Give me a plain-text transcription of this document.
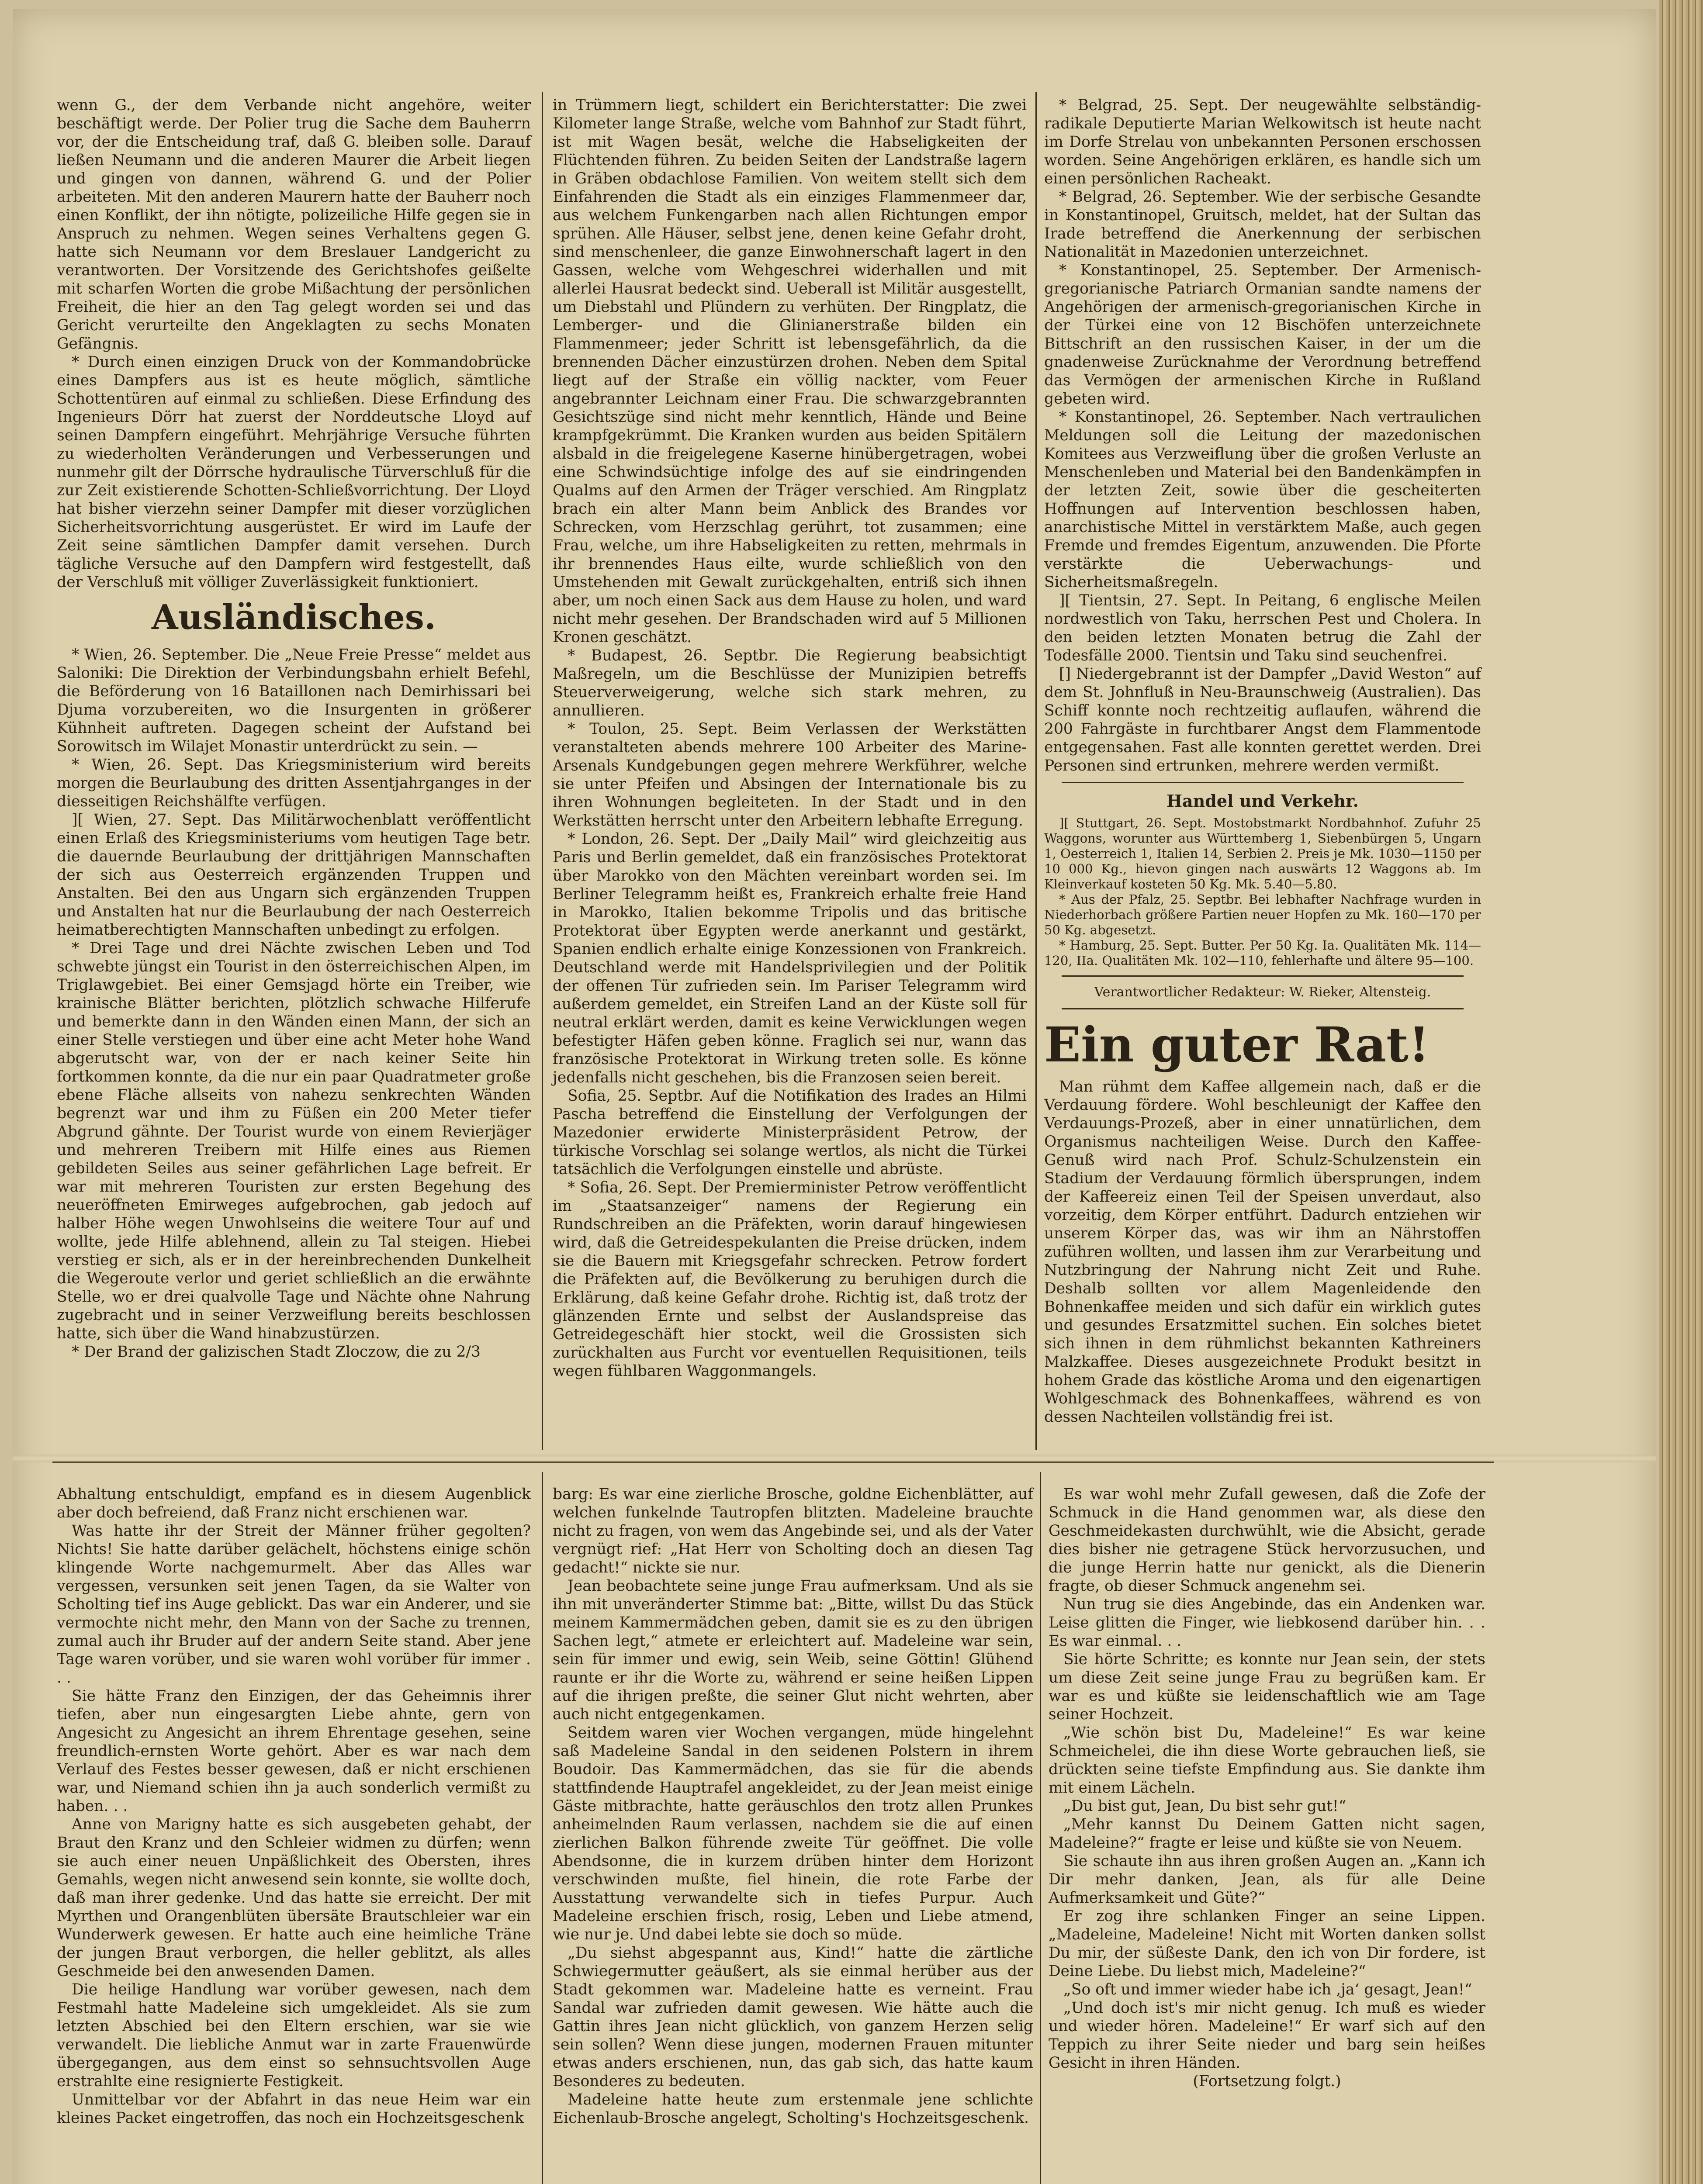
wenn G., der dem Verbande nicht angehöre, weiter beschäftigt werde. Der Polier trug die Sache dem Bauherrn vor, der die Entscheidung traf, daß G. bleiben solle. Darauf ließen Neumann und die anderen Maurer die Arbeit liegen und gingen von dannen, während G. und der Polier arbeiteten. Mit den anderen Maurern hatte der Bauherr noch einen Konflikt, der ihn nötigte, polizeiliche Hilfe gegen sie in Anspruch zu nehmen. Wegen seines Verhaltens gegen G. hatte sich Neumann vor dem Breslauer Landgericht zu verantworten. Der Vorsitzende des Gerichtshofes geißelte mit scharfen Worten die grobe Mißachtung der persönlichen Freiheit, die hier an den Tag gelegt worden sei und das Gericht verurteilte den Angeklagten zu sechs Monaten Gefängnis.

* Durch einen einzigen Druck von der Kommandobrücke eines Dampfers aus ist es heute möglich, sämtliche Schottentüren auf einmal zu schließen. Diese Erfindung des Ingenieurs Dörr hat zuerst der Norddeutsche Lloyd auf seinen Dampfern eingeführt. Mehrjährige Versuche führten zu wiederholten Veränderungen und Verbesserungen und nunmehr gilt der Dörrsche hydraulische Türverschluß für die zur Zeit existierende Schotten-Schließvorrichtung. Der Lloyd hat bisher vierzehn seiner Dampfer mit dieser vorzüglichen Sicherheitsvorrichtung ausgerüstet. Er wird im Laufe der Zeit seine sämtlichen Dampfer damit versehen. Durch tägliche Versuche auf den Dampfern wird festgestellt, daß der Verschluß mit völliger Zuverlässigkeit funktioniert.

Ausländisches.

* Wien, 26. September. Die „Neue Freie Presse“ meldet aus Saloniki: Die Direktion der Verbindungsbahn erhielt Befehl, die Beförderung von 16 Bataillonen nach Demirhissari bei Djuma vorzubereiten, wo die Insurgenten in größerer Kühnheit auftreten. Dagegen scheint der Aufstand bei Sorowitsch im Wilajet Monastir unterdrückt zu sein. —

* Wien, 26. Sept. Das Kriegsministerium wird bereits morgen die Beurlaubung des dritten Assentjahrganges in der diesseitigen Reichshälfte verfügen.

][ Wien, 27. Sept. Das Militärwochenblatt veröffentlicht einen Erlaß des Kriegsministeriums vom heutigen Tage betr. die dauernde Beurlaubung der drittjährigen Mannschaften der sich aus Oesterreich ergänzenden Truppen und Anstalten. Bei den aus Ungarn sich ergänzenden Truppen und Anstalten hat nur die Beurlaubung der nach Oesterreich heimatberechtigten Mannschaften unbedingt zu erfolgen.

* Drei Tage und drei Nächte zwischen Leben und Tod schwebte jüngst ein Tourist in den österreichischen Alpen, im Triglawgebiet. Bei einer Gemsjagd hörte ein Treiber, wie krainische Blätter berichten, plötzlich schwache Hilferufe und bemerkte dann in den Wänden einen Mann, der sich an einer Stelle verstiegen und über eine acht Meter hohe Wand abgerutscht war, von der er nach keiner Seite hin fortkommen konnte, da die nur ein paar Quadratmeter große ebene Fläche allseits von nahezu senkrechten Wänden begrenzt war und ihm zu Füßen ein 200 Meter tiefer Abgrund gähnte. Der Tourist wurde von einem Revierjäger und mehreren Treibern mit Hilfe eines aus Riemen gebildeten Seiles aus seiner gefährlichen Lage befreit. Er war mit mehreren Touristen zur ersten Begehung des neueröffneten Emirweges aufgebrochen, gab jedoch auf halber Höhe wegen Unwohlseins die weitere Tour auf und wollte, jede Hilfe ablehnend, allein zu Tal steigen. Hiebei verstieg er sich, als er in der hereinbrechenden Dunkelheit die Wegeroute verlor und geriet schließlich an die erwähnte Stelle, wo er drei qualvolle Tage und Nächte ohne Nahrung zugebracht und in seiner Verzweiflung bereits beschlossen hatte, sich über die Wand hinabzustürzen.

* Der Brand der galizischen Stadt Zloczow, die zu 2/3

in Trümmern liegt, schildert ein Berichterstatter: Die zwei Kilometer lange Straße, welche vom Bahnhof zur Stadt führt, ist mit Wagen besät, welche die Habseligkeiten der Flüchtenden führen. Zu beiden Seiten der Landstraße lagern in Gräben obdachlose Familien. Von weitem stellt sich dem Einfahrenden die Stadt als ein einziges Flammenmeer dar, aus welchem Funkengarben nach allen Richtungen empor sprühen. Alle Häuser, selbst jene, denen keine Gefahr droht, sind menschenleer, die ganze Einwohnerschaft lagert in den Gassen, welche vom Wehgeschrei widerhallen und mit allerlei Hausrat bedeckt sind. Ueberall ist Militär ausgestellt, um Diebstahl und Plündern zu verhüten. Der Ringplatz, die Lemberger- und die Glinianerstraße bilden ein Flammenmeer; jeder Schritt ist lebensgefährlich, da die brennenden Dächer einzustürzen drohen. Neben dem Spital liegt auf der Straße ein völlig nackter, vom Feuer angebrannter Leichnam einer Frau. Die schwarzgebrannten Gesichtszüge sind nicht mehr kenntlich, Hände und Beine krampfgekrümmt. Die Kranken wurden aus beiden Spitälern alsbald in die freigelegene Kaserne hinübergetragen, wobei eine Schwindsüchtige infolge des auf sie eindringenden Qualms auf den Armen der Träger verschied. Am Ringplatz brach ein alter Mann beim Anblick des Brandes vor Schrecken, vom Herzschlag gerührt, tot zusammen; eine Frau, welche, um ihre Habseligkeiten zu retten, mehrmals in ihr brennendes Haus eilte, wurde schließlich von den Umstehenden mit Gewalt zurückgehalten, entriß sich ihnen aber, um noch einen Sack aus dem Hause zu holen, und ward nicht mehr gesehen. Der Brandschaden wird auf 5 Millionen Kronen geschätzt.

* Budapest, 26. Septbr. Die Regierung beabsichtigt Maßregeln, um die Beschlüsse der Munizipien betreffs Steuerverweigerung, welche sich stark mehren, zu annullieren.

* Toulon, 25. Sept. Beim Verlassen der Werkstätten veranstalteten abends mehrere 100 Arbeiter des Marine-Arsenals Kundgebungen gegen mehrere Werkführer, welche sie unter Pfeifen und Absingen der Internationale bis zu ihren Wohnungen begleiteten. In der Stadt und in den Werkstätten herrscht unter den Arbeitern lebhafte Erregung.

* London, 26. Sept. Der „Daily Mail“ wird gleichzeitig aus Paris und Berlin gemeldet, daß ein französisches Protektorat über Marokko von den Mächten vereinbart worden sei. Im Berliner Telegramm heißt es, Frankreich erhalte freie Hand in Marokko, Italien bekomme Tripolis und das britische Protektorat über Egypten werde anerkannt und gestärkt, Spanien endlich erhalte einige Konzessionen von Frankreich. Deutschland werde mit Handelsprivilegien und der Politik der offenen Tür zufrieden sein. Im Pariser Telegramm wird außerdem gemeldet, ein Streifen Land an der Küste soll für neutral erklärt werden, damit es keine Verwicklungen wegen befestigter Häfen geben könne. Fraglich sei nur, wann das französische Protektorat in Wirkung treten solle. Es könne jedenfalls nicht geschehen, bis die Franzosen seien bereit.

Sofia, 25. Septbr. Auf die Notifikation des Irades an Hilmi Pascha betreffend die Einstellung der Verfolgungen der Mazedonier erwiderte Ministerpräsident Petrow, der türkische Vorschlag sei solange wertlos, als nicht die Türkei tatsächlich die Verfolgungen einstelle und abrüste.

* Sofia, 26. Sept. Der Premierminister Petrow veröffentlicht im „Staatsanzeiger“ namens der Regierung ein Rundschreiben an die Präfekten, worin darauf hingewiesen wird, daß die Getreidespekulanten die Preise drücken, indem sie die Bauern mit Kriegsgefahr schrecken. Petrow fordert die Präfekten auf, die Bevölkerung zu beruhigen durch die Erklärung, daß keine Gefahr drohe. Richtig ist, daß trotz der glänzenden Ernte und selbst der Auslandspreise das Getreidegeschäft hier stockt, weil die Grossisten sich zurückhalten aus Furcht vor eventuellen Requisitionen, teils wegen fühlbaren Waggonmangels.

* Belgrad, 25. Sept. Der neugewählte selbständig-radikale Deputierte Marian Welkowitsch ist heute nacht im Dorfe Strelau von unbekannten Personen erschossen worden. Seine Angehörigen erklären, es handle sich um einen persönlichen Racheakt.

* Belgrad, 26. September. Wie der serbische Gesandte in Konstantinopel, Gruitsch, meldet, hat der Sultan das Irade betreffend die Anerkennung der serbischen Nationalität in Mazedonien unterzeichnet.

* Konstantinopel, 25. September. Der Armenisch-gregorianische Patriarch Ormanian sandte namens der Angehörigen der armenisch-gregorianischen Kirche in der Türkei eine von 12 Bischöfen unterzeichnete Bittschrift an den russischen Kaiser, in der um die gnadenweise Zurücknahme der Verordnung betreffend das Vermögen der armenischen Kirche in Rußland gebeten wird.

* Konstantinopel, 26. September. Nach vertraulichen Meldungen soll die Leitung der mazedonischen Komitees aus Verzweiflung über die großen Verluste an Menschenleben und Material bei den Bandenkämpfen in der letzten Zeit, sowie über die gescheiterten Hoffnungen auf Intervention beschlossen haben, anarchistische Mittel in verstärktem Maße, auch gegen Fremde und fremdes Eigentum, anzuwenden. Die Pforte verstärkte die Ueberwachungs- und Sicherheitsmaßregeln.

][ Tientsin, 27. Sept. In Peitang, 6 englische Meilen nordwestlich von Taku, herrschen Pest und Cholera. In den beiden letzten Monaten betrug die Zahl der Todesfälle 2000. Tientsin und Taku sind seuchenfrei.

[] Niedergebrannt ist der Dampfer „David Weston“ auf dem St. Johnfluß in Neu-Braunschweig (Australien). Das Schiff konnte noch rechtzeitig auflaufen, während die 200 Fahrgäste in furchtbarer Angst dem Flammentode entgegensahen. Fast alle konnten gerettet werden. Drei Personen sind ertrunken, mehrere werden vermißt.

Handel und Verkehr.

][ Stuttgart, 26. Sept. Mostobstmarkt Nordbahnhof. Zufuhr 25 Waggons, worunter aus Württemberg 1, Siebenbürgen 5, Ungarn 1, Oesterreich 1, Italien 14, Serbien 2. Preis je Mk. 1030—1150 per 10 000 Kg., hievon gingen nach auswärts 12 Waggons ab. Im Kleinverkauf kosteten 50 Kg. Mk. 5.40—5.80.

* Aus der Pfalz, 25. Septbr. Bei lebhafter Nachfrage wurden in Niederhorbach größere Partien neuer Hopfen zu Mk. 160—170 per 50 Kg. abgesetzt.

* Hamburg, 25. Sept. Butter. Per 50 Kg. Ia. Qualitäten Mk. 114—120, IIa. Qualitäten Mk. 102—110, fehlerhafte und ältere 95—100.

Verantwortlicher Redakteur: W. Rieker, Altensteig.
Ein guter Rat!

Man rühmt dem Kaffee allgemein nach, daß er die Verdauung fördere. Wohl beschleunigt der Kaffee den Verdauungs-Prozeß, aber in einer unnatürlichen, dem Organismus nachteiligen Weise. Durch den Kaffee-Genuß wird nach Prof. Schulz-Schulzenstein ein Stadium der Verdauung förmlich übersprungen, indem der Kaffeereiz einen Teil der Speisen unverdaut, also vorzeitig, dem Körper entführt. Dadurch entziehen wir unserem Körper das, was wir ihm an Nährstoffen zuführen wollten, und lassen ihm zur Verarbeitung und Nutzbringung der Nahrung nicht Zeit und Ruhe. Deshalb sollten vor allem Magenleidende den Bohnenkaffee meiden und sich dafür ein wirklich gutes und gesundes Ersatzmittel suchen. Ein solches bietet sich ihnen in dem rühmlichst bekannten Kathreiners Malzkaffee. Dieses ausgezeichnete Produkt besitzt in hohem Grade das köstliche Aroma und den eigenartigen Wohlgeschmack des Bohnenkaffees, während es von dessen Nachteilen vollständig frei ist.

Abhaltung entschuldigt, empfand es in diesem Augenblick aber doch befreiend, daß Franz nicht erschienen war.

Was hatte ihr der Streit der Männer früher gegolten? Nichts! Sie hatte darüber gelächelt, höchstens einige schön klingende Worte nachgemurmelt. Aber das Alles war vergessen, versunken seit jenen Tagen, da sie Walter von Scholting tief ins Auge geblickt. Das war ein Anderer, und sie vermochte nicht mehr, den Mann von der Sache zu trennen, zumal auch ihr Bruder auf der andern Seite stand. Aber jene Tage waren vorüber, und sie waren wohl vorüber für immer . . .

Sie hätte Franz den Einzigen, der das Geheimnis ihrer tiefen, aber nun eingesargten Liebe ahnte, gern von Angesicht zu Angesicht an ihrem Ehrentage gesehen, seine freundlich-ernsten Worte gehört. Aber es war nach dem Verlauf des Festes besser gewesen, daß er nicht erschienen war, und Niemand schien ihn ja auch sonderlich vermißt zu haben. . .

Anne von Marigny hatte es sich ausgebeten gehabt, der Braut den Kranz und den Schleier widmen zu dürfen; wenn sie auch einer neuen Unpäßlichkeit des Obersten, ihres Gemahls, wegen nicht anwesend sein konnte, sie wollte doch, daß man ihrer gedenke. Und das hatte sie erreicht. Der mit Myrthen und Orangenblüten übersäte Brautschleier war ein Wunderwerk gewesen. Er hatte auch eine heimliche Träne der jungen Braut verborgen, die heller geblitzt, als alles Geschmeide bei den anwesenden Damen.

Die heilige Handlung war vorüber gewesen, nach dem Festmahl hatte Madeleine sich umgekleidet. Als sie zum letzten Abschied bei den Eltern erschien, war sie wie verwandelt. Die liebliche Anmut war in zarte Frauenwürde übergegangen, aus dem einst so sehnsuchtsvollen Auge erstrahlte eine resignierte Festigkeit.

Unmittelbar vor der Abfahrt in das neue Heim war ein kleines Packet eingetroffen, das noch ein Hochzeitsgeschenk

barg: Es war eine zierliche Brosche, goldne Eichenblätter, auf welchen funkelnde Tautropfen blitzten. Madeleine brauchte nicht zu fragen, von wem das Angebinde sei, und als der Vater vergnügt rief: „Hat Herr von Scholting doch an diesen Tag gedacht!“ nickte sie nur.

Jean beobachtete seine junge Frau aufmerksam. Und als sie ihn mit unveränderter Stimme bat: „Bitte, willst Du das Stück meinem Kammermädchen geben, damit sie es zu den übrigen Sachen legt,“ atmete er erleichtert auf. Madeleine war sein, sein für immer und ewig, sein Weib, seine Göttin! Glühend raunte er ihr die Worte zu, während er seine heißen Lippen auf die ihrigen preßte, die seiner Glut nicht wehrten, aber auch nicht entgegenkamen.

Seitdem waren vier Wochen vergangen, müde hingelehnt saß Madeleine Sandal in den seidenen Polstern in ihrem Boudoir. Das Kammermädchen, das sie für die abends stattfindende Hauptrafel angekleidet, zu der Jean meist einige Gäste mitbrachte, hatte geräuschlos den trotz allen Prunkes anheimelnden Raum verlassen, nachdem sie die auf einen zierlichen Balkon führende zweite Tür geöffnet. Die volle Abendsonne, die in kurzem drüben hinter dem Horizont verschwinden mußte, fiel hinein, die rote Farbe der Ausstattung verwandelte sich in tiefes Purpur. Auch Madeleine erschien frisch, rosig, Leben und Liebe atmend, wie nur je. Und dabei lebte sie doch so müde.

„Du siehst abgespannt aus, Kind!“ hatte die zärtliche Schwiegermutter geäußert, als sie einmal herüber aus der Stadt gekommen war. Madeleine hatte es verneint. Frau Sandal war zufrieden damit gewesen. Wie hätte auch die Gattin ihres Jean nicht glücklich, von ganzem Herzen selig sein sollen? Wenn diese jungen, modernen Frauen mitunter etwas anders erschienen, nun, das gab sich, das hatte kaum Besonderes zu bedeuten.

Madeleine hatte heute zum erstenmale jene schlichte Eichenlaub-Brosche angelegt, Scholting's Hochzeitsgeschenk.

Es war wohl mehr Zufall gewesen, daß die Zofe der Schmuck in die Hand genommen war, als diese den Geschmeidekasten durchwühlt, wie die Absicht, gerade dies bisher nie getragene Stück hervorzusuchen, und die junge Herrin hatte nur genickt, als die Dienerin fragte, ob dieser Schmuck angenehm sei.

Nun trug sie dies Angebinde, das ein Andenken war. Leise glitten die Finger, wie liebkosend darüber hin. . . Es war einmal. . .

Sie hörte Schritte; es konnte nur Jean sein, der stets um diese Zeit seine junge Frau zu begrüßen kam. Er war es und küßte sie leidenschaftlich wie am Tage seiner Hochzeit.

„Wie schön bist Du, Madeleine!“ Es war keine Schmeichelei, die ihn diese Worte gebrauchen ließ, sie drückten seine tiefste Empfindung aus. Sie dankte ihm mit einem Lächeln.

„Du bist gut, Jean, Du bist sehr gut!“

„Mehr kannst Du Deinem Gatten nicht sagen, Madeleine?“ fragte er leise und küßte sie von Neuem.

Sie schaute ihn aus ihren großen Augen an. „Kann ich Dir mehr danken, Jean, als für alle Deine Aufmerksamkeit und Güte?“

Er zog ihre schlanken Finger an seine Lippen. „Madeleine, Madeleine! Nicht mit Worten danken sollst Du mir, der süßeste Dank, den ich von Dir fordere, ist Deine Liebe. Du liebst mich, Madeleine?“

„So oft und immer wieder habe ich ‚ja‘ gesagt, Jean!“

„Und doch ist's mir nicht genug. Ich muß es wieder und wieder hören. Madeleine!“ Er warf sich auf den Teppich zu ihrer Seite nieder und barg sein heißes Gesicht in ihren Händen.

(Fortsetzung folgt.)
